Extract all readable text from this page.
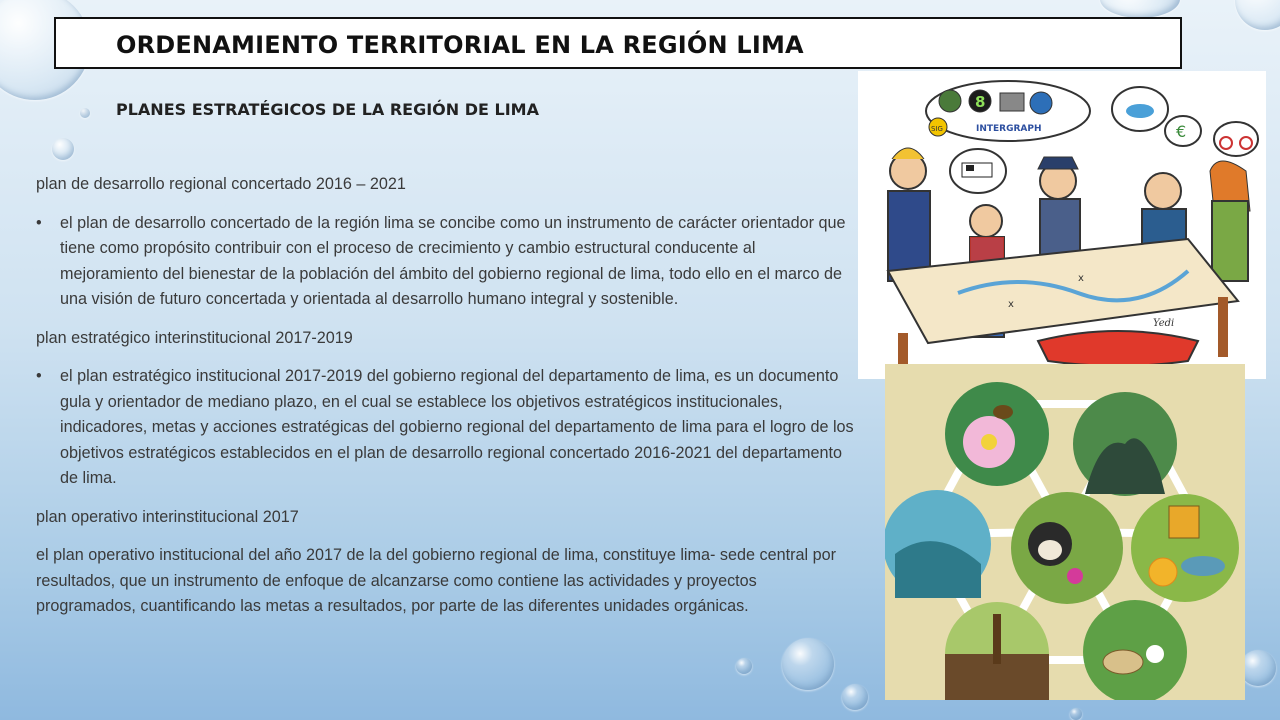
ORDENAMIENTO TERRITORIAL EN LA REGIÓN LIMA
PLANES ESTRATÉGICOS DE LA REGIÓN DE LIMA

plan de desarrollo regional concertado 2016 – 2021

• el plan de desarrollo concertado de la región lima se concibe como un instrumento de carácter orientador que tiene como propósito contribuir con el proceso de crecimiento y cambio estructural conducente al mejoramiento del bienestar de la población del ámbito del gobierno regional de lima, todo ello en el marco de una visión de futuro concertada y orientada al desarrollo humano integral y sostenible.

plan estratégico interinstitucional 2017-2019

• el plan estratégico institucional 2017-2019 del gobierno regional del departamento de lima, es un documento gula y orientador de mediano plazo, en el cual se establece los objetivos estratégicos institucionales, indicadores, metas y acciones estratégicas del gobierno regional del departamento de lima para el logro de los objetivos estratégicos establecidos en el plan de desarrollo regional concertado 2016-2021 del departamento de lima.

plan operativo interinstitucional 2017

el plan operativo institucional del año 2017 de la del gobierno regional de lima, constituye lima- sede central por resultados, que un instrumento de enfoque de alcanzarse como contiene las actividades y proyectos programados, cuantificando las metas a resultados, por parte de las diferentes unidades orgánicas.

8
INTERGRAPH
SIG	€
x
x
Yedi
